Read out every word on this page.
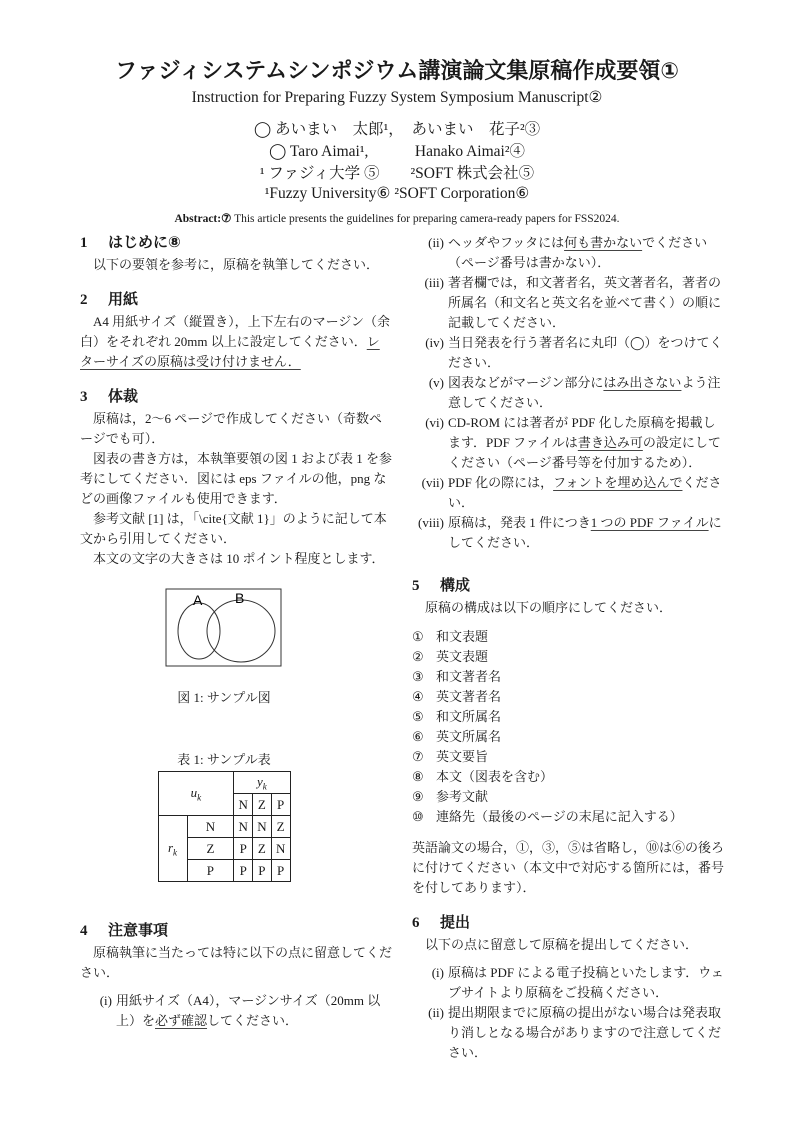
ファジィシステムシンポジウム講演論文集原稿作成要領①
Instruction for Preparing Fuzzy System Symposium Manuscript②
◯ あいまい　太郎¹，　あいまい　花子²③
◯ Taro Aimai¹,　　　Hanako Aimai²④
¹ ファジィ大学 ⑤　　²SOFT 株式会社⑤
¹Fuzzy University⑥ ²SOFT Corporation⑥
Abstract:⑦ This article presents the guidelines for preparing camera-ready papers for FSS2024.
1 はじめに⑧
以下の要領を参考に，原稿を執筆してください．
2 用紙
A4 用紙サイズ（縦置き），上下左右のマージン（余白）をそれぞれ 20mm 以上に設定してください．レターサイズの原稿は受け付けません．
3 体裁
原稿は，2〜6 ページで作成してください（奇数ページでも可）．
図表の書き方は，本執筆要領の図 1 および表 1 を参考にしてください．図には eps ファイルの他，png などの画像ファイルも使用できます．
参考文献 [1] は，「\cite{文献 1}」のように記して本文から引用してください．
本文の文字の大きさは 10 ポイント程度とします．
A B
図 1: サンプル図
表 1: サンプル表
$u_k$		$y_k$
		N	Z	P
$r_k$	N	N	N	Z
	Z	P	Z	N
	P	P	P	P
4 注意事項
原稿執筆に当たっては特に以下の点に留意してください．
(i) 用紙サイズ（A4），マージンサイズ（20mm 以上）を必ず確認してください．
(ii) ヘッダやフッタには何も書かないでください（ページ番号は書かない）．
(iii) 著者欄では，和文著者名，英文著者名，著者の所属名（和文名と英文名を並べて書く）の順に記載してください．
(iv) 当日発表を行う著者名に丸印（◯）をつけてください．
(v) 図表などがマージン部分にはみ出さないよう注意してください．
(vi) CD-ROM には著者が PDF 化した原稿を掲載します．PDF ファイルは書き込み可の設定にしてください（ページ番号等を付加するため）．
(vii) PDF 化の際には，フォントを埋め込んでください．
(viii) 原稿は，発表 1 件につき1 つの PDF ファイルにしてください．
5 構成
原稿の構成は以下の順序にしてください．
① 和文表題
② 英文表題
③ 和文著者名
④ 英文著者名
⑤ 和文所属名
⑥ 英文所属名
⑦ 英文要旨
⑧ 本文（図表を含む）
⑨ 参考文献
⑩ 連絡先（最後のページの末尾に記入する）
英語論文の場合，①，③，⑤は省略し，⑩は⑥の後ろに付けてください（本文中で対応する箇所には，番号を付してあります）．
6 提出
以下の点に留意して原稿を提出してください．
(i) 原稿は PDF による電子投稿といたします．ウェブサイトより原稿をご投稿ください．
(ii) 提出期限までに原稿の提出がない場合は発表取り消しとなる場合がありますので注意してください．
